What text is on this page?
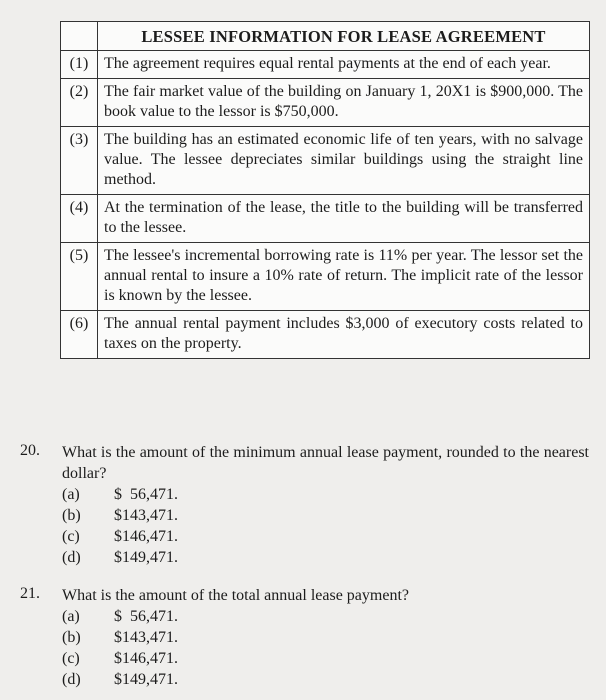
	LESSEE INFORMATION FOR LEASE AGREEMENT
(1)	The agreement requires equal rental payments at the end of each year.
(2)	The fair market value of the building on January 1, 20X1 is $900,000. The book value to the lessor is $750,000.
(3)	The building has an estimated economic life of ten years, with no salvage value. The lessee depreciates similar buildings using the straight line method.
(4)	At the termination of the lease, the title to the building will be transferred to the lessee.
(5)	The lessee's incremental borrowing rate is 11% per year. The lessor set the annual rental to insure a 10% rate of return. The implicit rate of the lessor is known by the lessee.
(6)	The annual rental payment includes $3,000 of executory costs related to taxes on the property.
20. What is the amount of the minimum annual lease payment, rounded to the nearest dollar?
(a) $  56,471.
(b) $143,471.
(c) $146,471.
(d) $149,471.
21. What is the amount of the total annual lease payment?
(a) $  56,471.
(b) $143,471.
(c) $146,471.
(d) $149,471.
